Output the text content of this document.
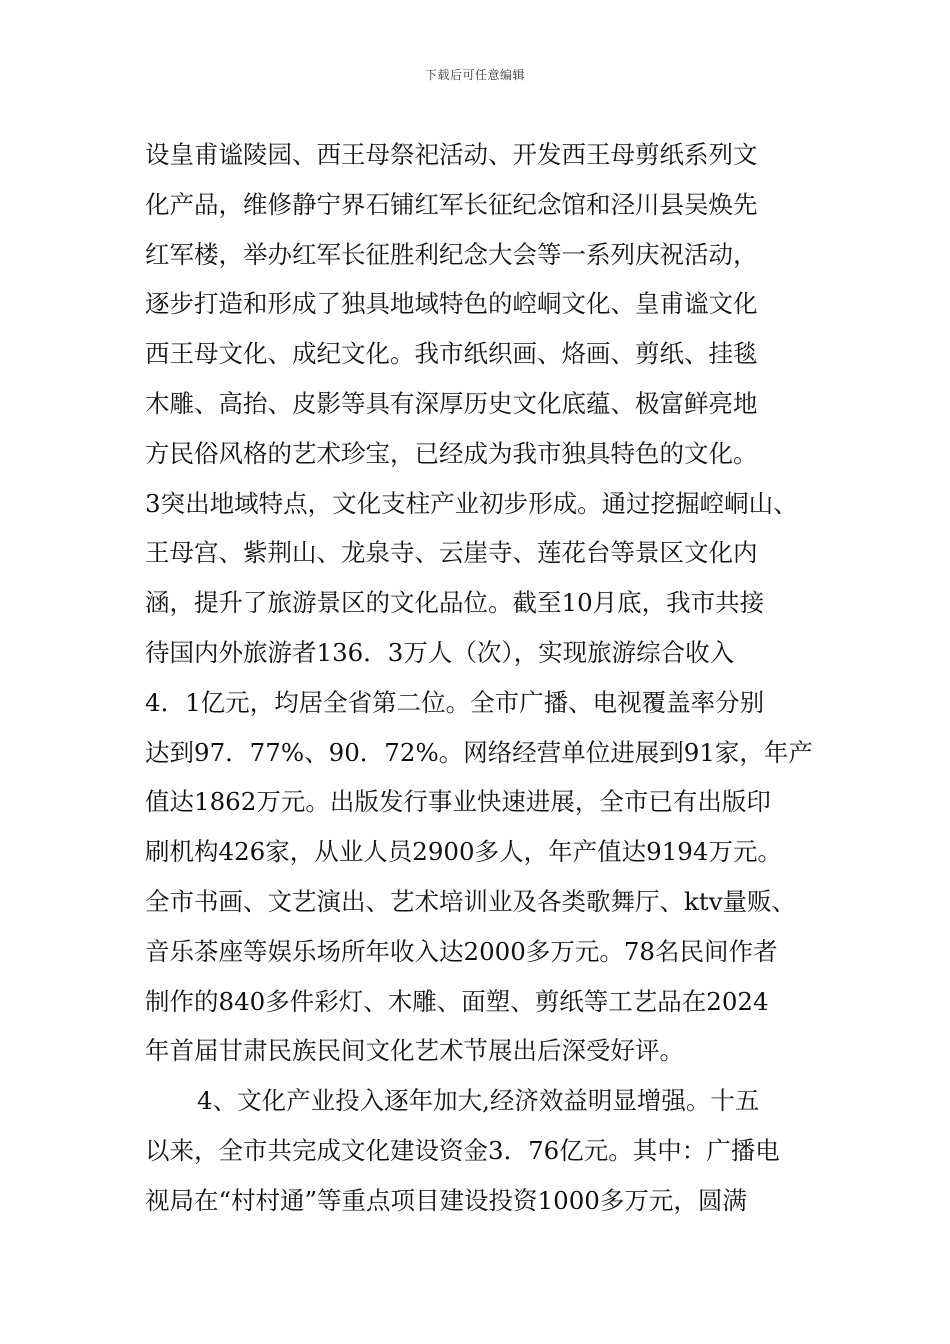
下载后可任意编辑
设皇甫谧陵园、西王母祭祀活动、开发西王母剪纸系列文
化产品，维修静宁界石铺红军长征纪念馆和泾川县吴焕先
红军楼，举办红军长征胜利纪念大会等一系列庆祝活动，
逐步打造和形成了独具地域特色的崆峒文化、皇甫谧文化
西王母文化、成纪文化。我市纸织画、烙画、剪纸、挂毯
木雕、高抬、皮影等具有深厚历史文化底蕴、极富鲜亮地
方民俗风格的艺术珍宝，已经成为我市独具特色的文化。
3突出地域特点，文化支柱产业初步形成。通过挖掘崆峒山、
王母宫、紫荆山、龙泉寺、云崖寺、莲花台等景区文化内
涵，提升了旅游景区的文化品位。截至10月底，我市共接
待国内外旅游者136．3万人（次），实现旅游综合收入
4．1亿元，均居全省第二位。全市广播、电视覆盖率分别
达到97．77%、90．72%。网络经营单位进展到91家，年产
值达1862万元。出版发行事业快速进展，全市已有出版印
刷机构426家，从业人员2900多人，年产值达9194万元。
全市书画、文艺演出、艺术培训业及各类歌舞厅、ktv量贩、
音乐茶座等娱乐场所年收入达2000多万元。78名民间作者
制作的840多件彩灯、木雕、面塑、剪纸等工艺品在2024
年首届甘肃民族民间文化艺术节展出后深受好评。
4、文化产业投入逐年加大,经济效益明显增强。十五
以来，全市共完成文化建设资金3．76亿元。其中：广播电
视局在“村村通”等重点项目建设投资1000多万元，圆满
